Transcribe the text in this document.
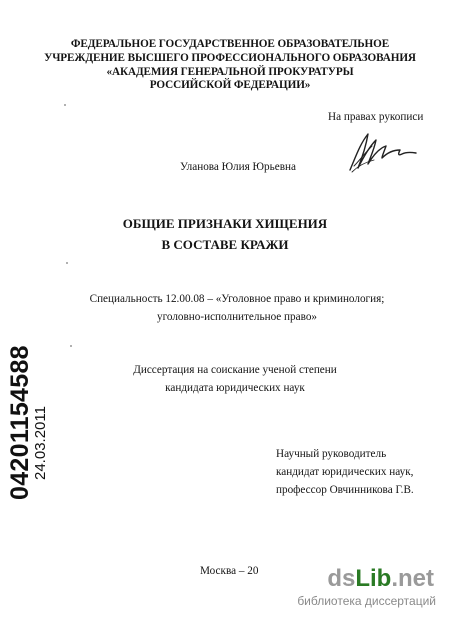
ФЕДЕРАЛЬНОЕ ГОСУДАРСТВЕННОЕ ОБРАЗОВАТЕЛЬНОЕ
УЧРЕЖДЕНИЕ ВЫСШЕГО ПРОФЕССИОНАЛЬНОГО ОБРАЗОВАНИЯ
«АКАДЕМИЯ ГЕНЕРАЛЬНОЙ ПРОКУРАТУРЫ
РОССИЙСКОЙ ФЕДЕРАЦИИ»
На правах рукописи
Уланова Юлия Юрьевна
ОБЩИЕ ПРИЗНАКИ ХИЩЕНИЯ
В СОСТАВЕ КРАЖИ
Специальность 12.00.08 – «Уголовное право и криминология;
уголовно-исполнительное право»
Диссертация на соискание ученой степени
кандидата юридических наук
Научный руководитель
кандидат юридических наук,
профессор Овчинникова Г.В.
Москва – 20
04201154588
24.03.2011
dsLib.net
библиотека диссертаций
